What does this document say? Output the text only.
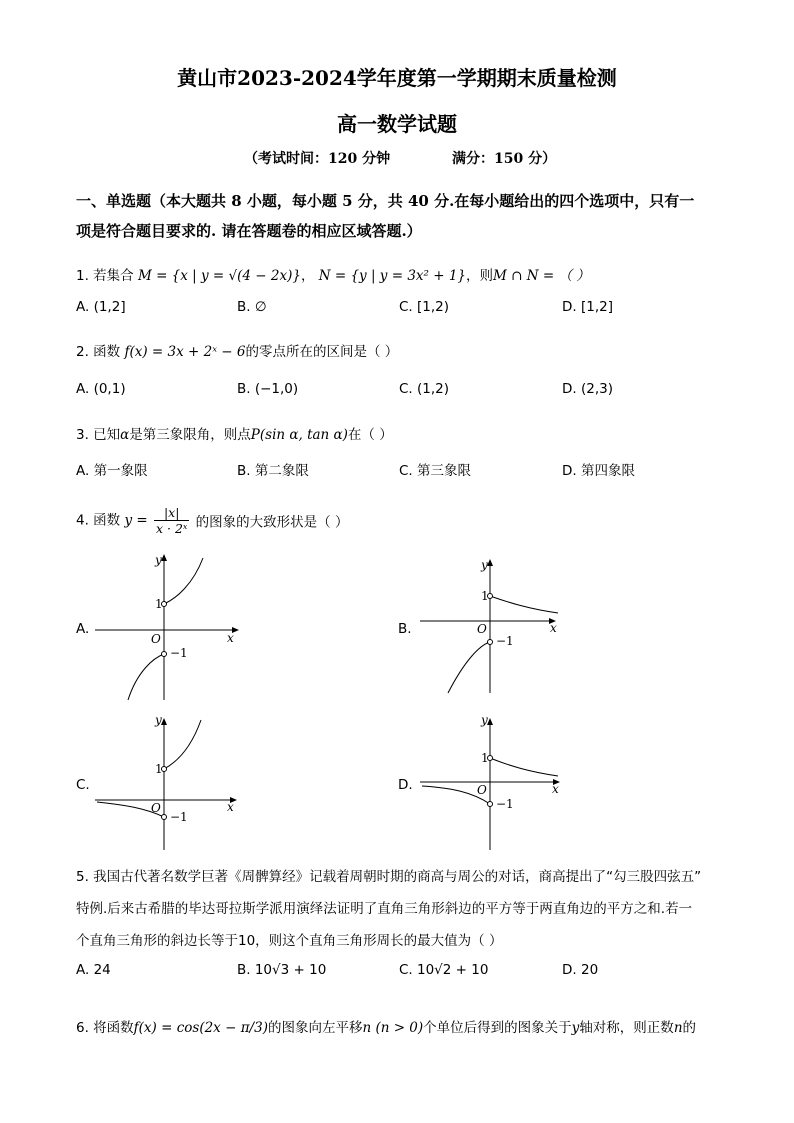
黄山市2023-2024学年度第一学期期末质量检测
高一数学试题
（考试时间：120 分钟	满分：150 分）
一、单选题（本大题共 8 小题，每小题 5 分，共 40 分.在每小题给出的四个选项中，只有一
项是符合题目要求的. 请在答题卷的相应区域答题.）
1. 若集合 M = {x | y = √(4 − 2x)}， N = {y | y = 3x² + 1}，则M ∩ N = （ ）
A. (1,2]	B. ∅	C. [1,2)	D. [1,2]
2. 函数 f(x) = 3x + 2ˣ − 6的零点所在的区间是（ ）
A. (0,1)	B. (−1,0)	C. (1,2)	D. (2,3)
3. 已知α是第三象限角，则点P(sin α, tan α)在（ ）
A. 第一象限	B. 第二象限	C. 第三象限	D. 第四象限
4. 函数 $y = \frac{|x|}{\text{x · 2ˣ}}$ 的图象的大致形状是（ ）
A.	B.
C.	D.
y
x
O
1
−1
y
x
O
1
−1
y
x
O
1
−1
y
x
O
1
−1
5. 我国古代著名数学巨著《周髀算经》记载着周朝时期的商高与周公的对话，商高提出了“勾三股四弦五”
特例.后来古希腊的毕达哥拉斯学派用演绎法证明了直角三角形斜边的平方等于两直角边的平方之和.若一
个直角三角形的斜边长等于10，则这个直角三角形周长的最大值为（ ）
A. 24	B. 10√3 + 10	C. 10√2 + 10	D. 20
6. 将函数f(x) = cos(2x − π/3)的图象向左平移n (n > 0)个单位后得到的图象关于y轴对称，则正数n的
